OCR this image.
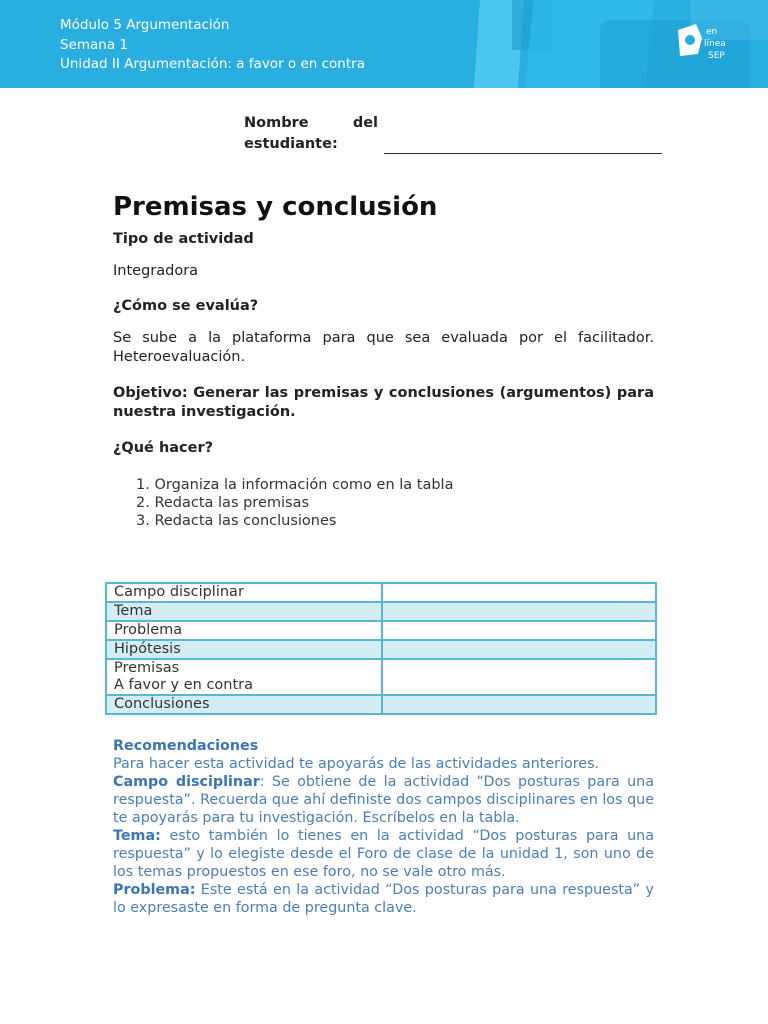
Módulo 5 Argumentación
Semana 1
Unidad II Argumentación: a favor o en contra
en
línea
SEP
Nombre	del
estudiante:
Premisas y conclusión
Tipo de actividad
Integradora
¿Cómo se evalúa?
Se sube a la plataforma para que sea evaluada por el facilitador. Heteroevaluación.
Objetivo: Generar las premisas y conclusiones (argumentos) para nuestra investigación.
¿Qué hacer?
1. Organiza la información como en la tabla
2. Redacta las premisas
3. Redacta las conclusiones
Campo disciplinar	
Tema	
Problema	
Hipótesis	

Premisas
A favor y en contra	

Conclusiones	
Recomendaciones
Para hacer esta actividad te apoyarás de las actividades anteriores.
Campo disciplinar: Se obtiene de la actividad “Dos posturas para una respuesta”. Recuerda que ahí definiste dos campos disciplinares en los que te apoyarás para tu investigación. Escríbelos en la tabla.
Tema: esto también lo tienes en la actividad “Dos posturas para una respuesta” y lo elegiste desde el Foro de clase de la unidad 1, son uno de los temas propuestos en ese foro, no se vale otro más.
Problema: Este está en la actividad “Dos posturas para una respuesta” y lo expresaste en forma de pregunta clave.
